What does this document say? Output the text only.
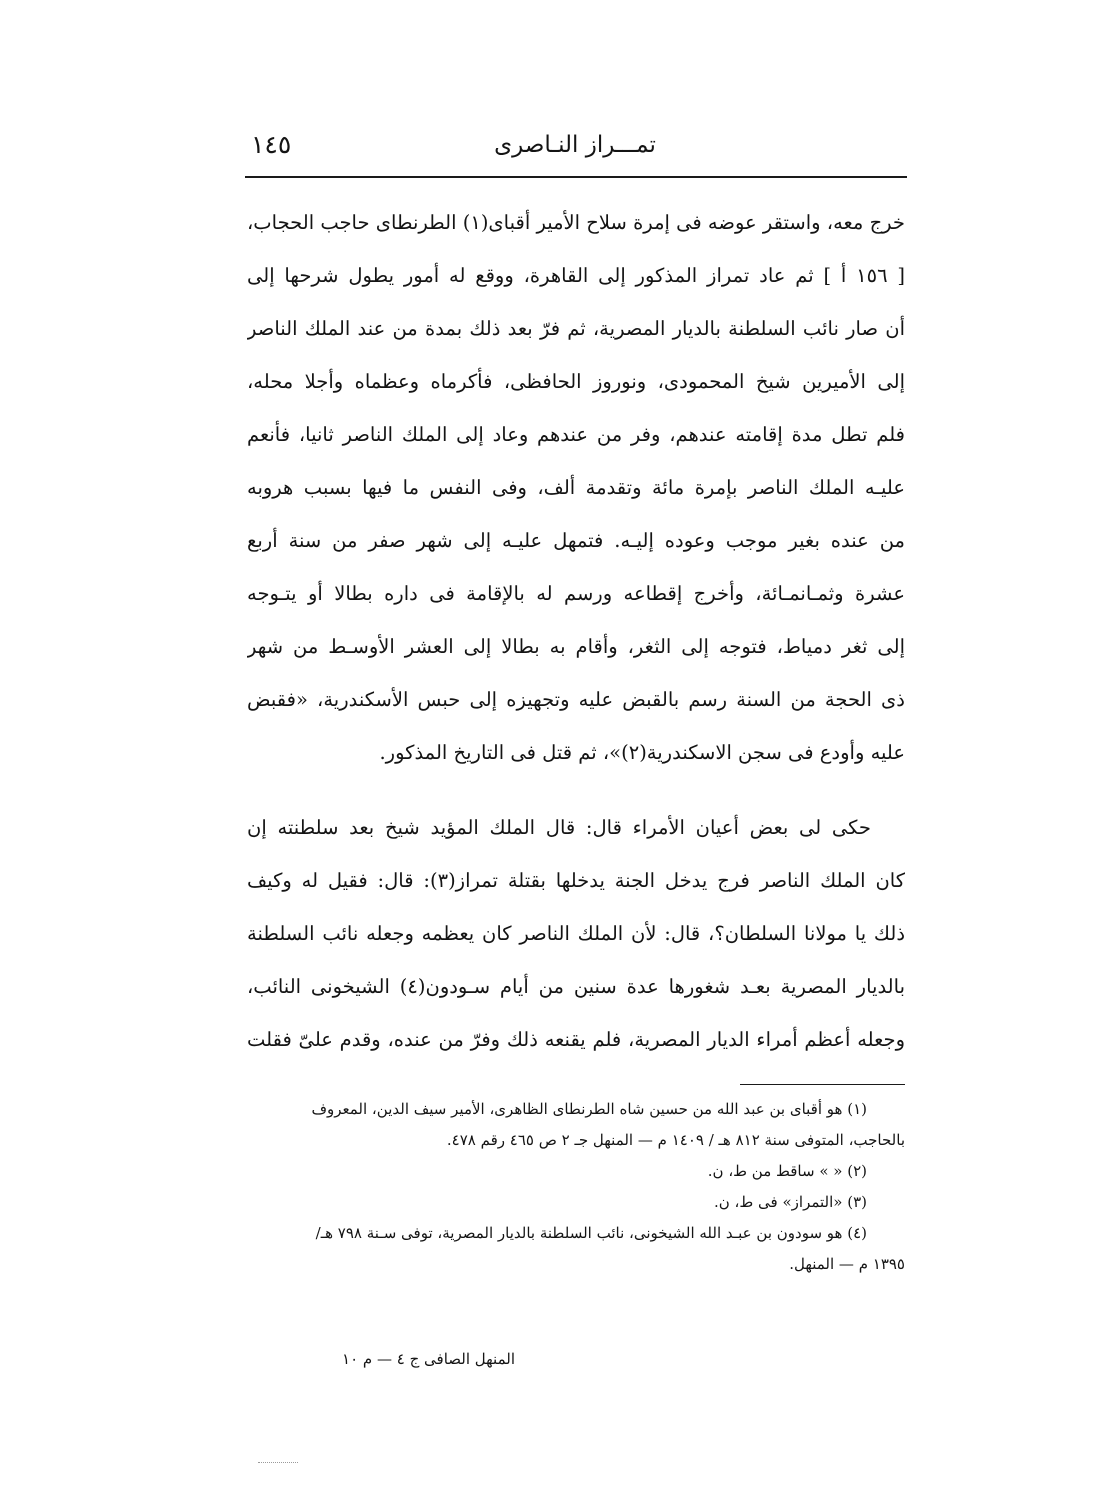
تمـــراز النـاصرى
١٤٥
خرج معه، واستقر عوضه فى إمرة سلاح الأمير أقباى(١) الطرنطاى حاجب الحجاب،
[ ١٥٦ أ ] ثم عاد تمراز المذكور إلى القاهرة، ووقع له أمور يطول شرحها إلى
أن صار نائب السلطنة بالديار المصرية، ثم فرّ بعد ذلك بمدة من عند الملك الناصر
إلى الأميرين شيخ المحمودى، ونوروز الحافظى، فأكرماه وعظماه وأجلا محله،
فلم تطل مدة إقامته عندهم، وفر من عندهم وعاد إلى الملك الناصر ثانيا، فأنعم
عليـه الملك الناصر بإمرة مائة وتقدمة ألف، وفى النفس ما فيها بسبب هروبه
من عنده بغير موجب وعوده إليـه. فتمهل عليـه إلى شهر صفر من سنة أربع
عشرة وثمـانمـائة، وأخرج إقطاعه ورسم له بالإقامة فى داره بطالا أو يتـوجه
إلى ثغر دمياط، فتوجه إلى الثغر، وأقام به بطالا إلى العشر الأوسـط من شهر
ذى الحجة من السنة رسم بالقبض عليه وتجهيزه إلى حبس الأسكندرية، «فقبض
عليه وأودع فى سجن الاسكندرية(٢)»، ثم قتل فى التاريخ المذكور.
حكى لى بعض أعيان الأمراء قال: قال الملك المؤيد شيخ بعد سلطنته إن
كان الملك الناصر فرج يدخل الجنة يدخلها بقتلة تمراز(٣): قال: فقيل له وكيف
ذلك يا مولانا السلطان؟، قال: لأن الملك الناصر كان يعظمه وجعله نائب السلطنة
بالديار المصرية بعـد شغورها عدة سنين من أيام سـودون(٤) الشيخونى النائب،
وجعله أعظم أمراء الديار المصرية، فلم يقنعه ذلك وفرّ من عنده، وقدم علىّ فقلت
(١) هو أقباى بن عبد الله من حسين شاه الطرنطاى الظاهرى، الأمير سيف الدين، المعروف
بالحاجب، المتوفى سنة ٨١٢ هـ / ١٤٠٩ م — المنهل جـ ٢ ص ٤٦٥ رقم ٤٧٨.
(٢) « » ساقط من ط، ن.
(٣) «التمراز» فى ط، ن.
(٤) هو سودون بن عبـد الله الشيخونى، نائب السلطنة بالديار المصرية، توفى سـنة ٧٩٨ هـ/
١٣٩٥ م — المنهل.
المنهل الصافى ج ٤ — م ١٠
